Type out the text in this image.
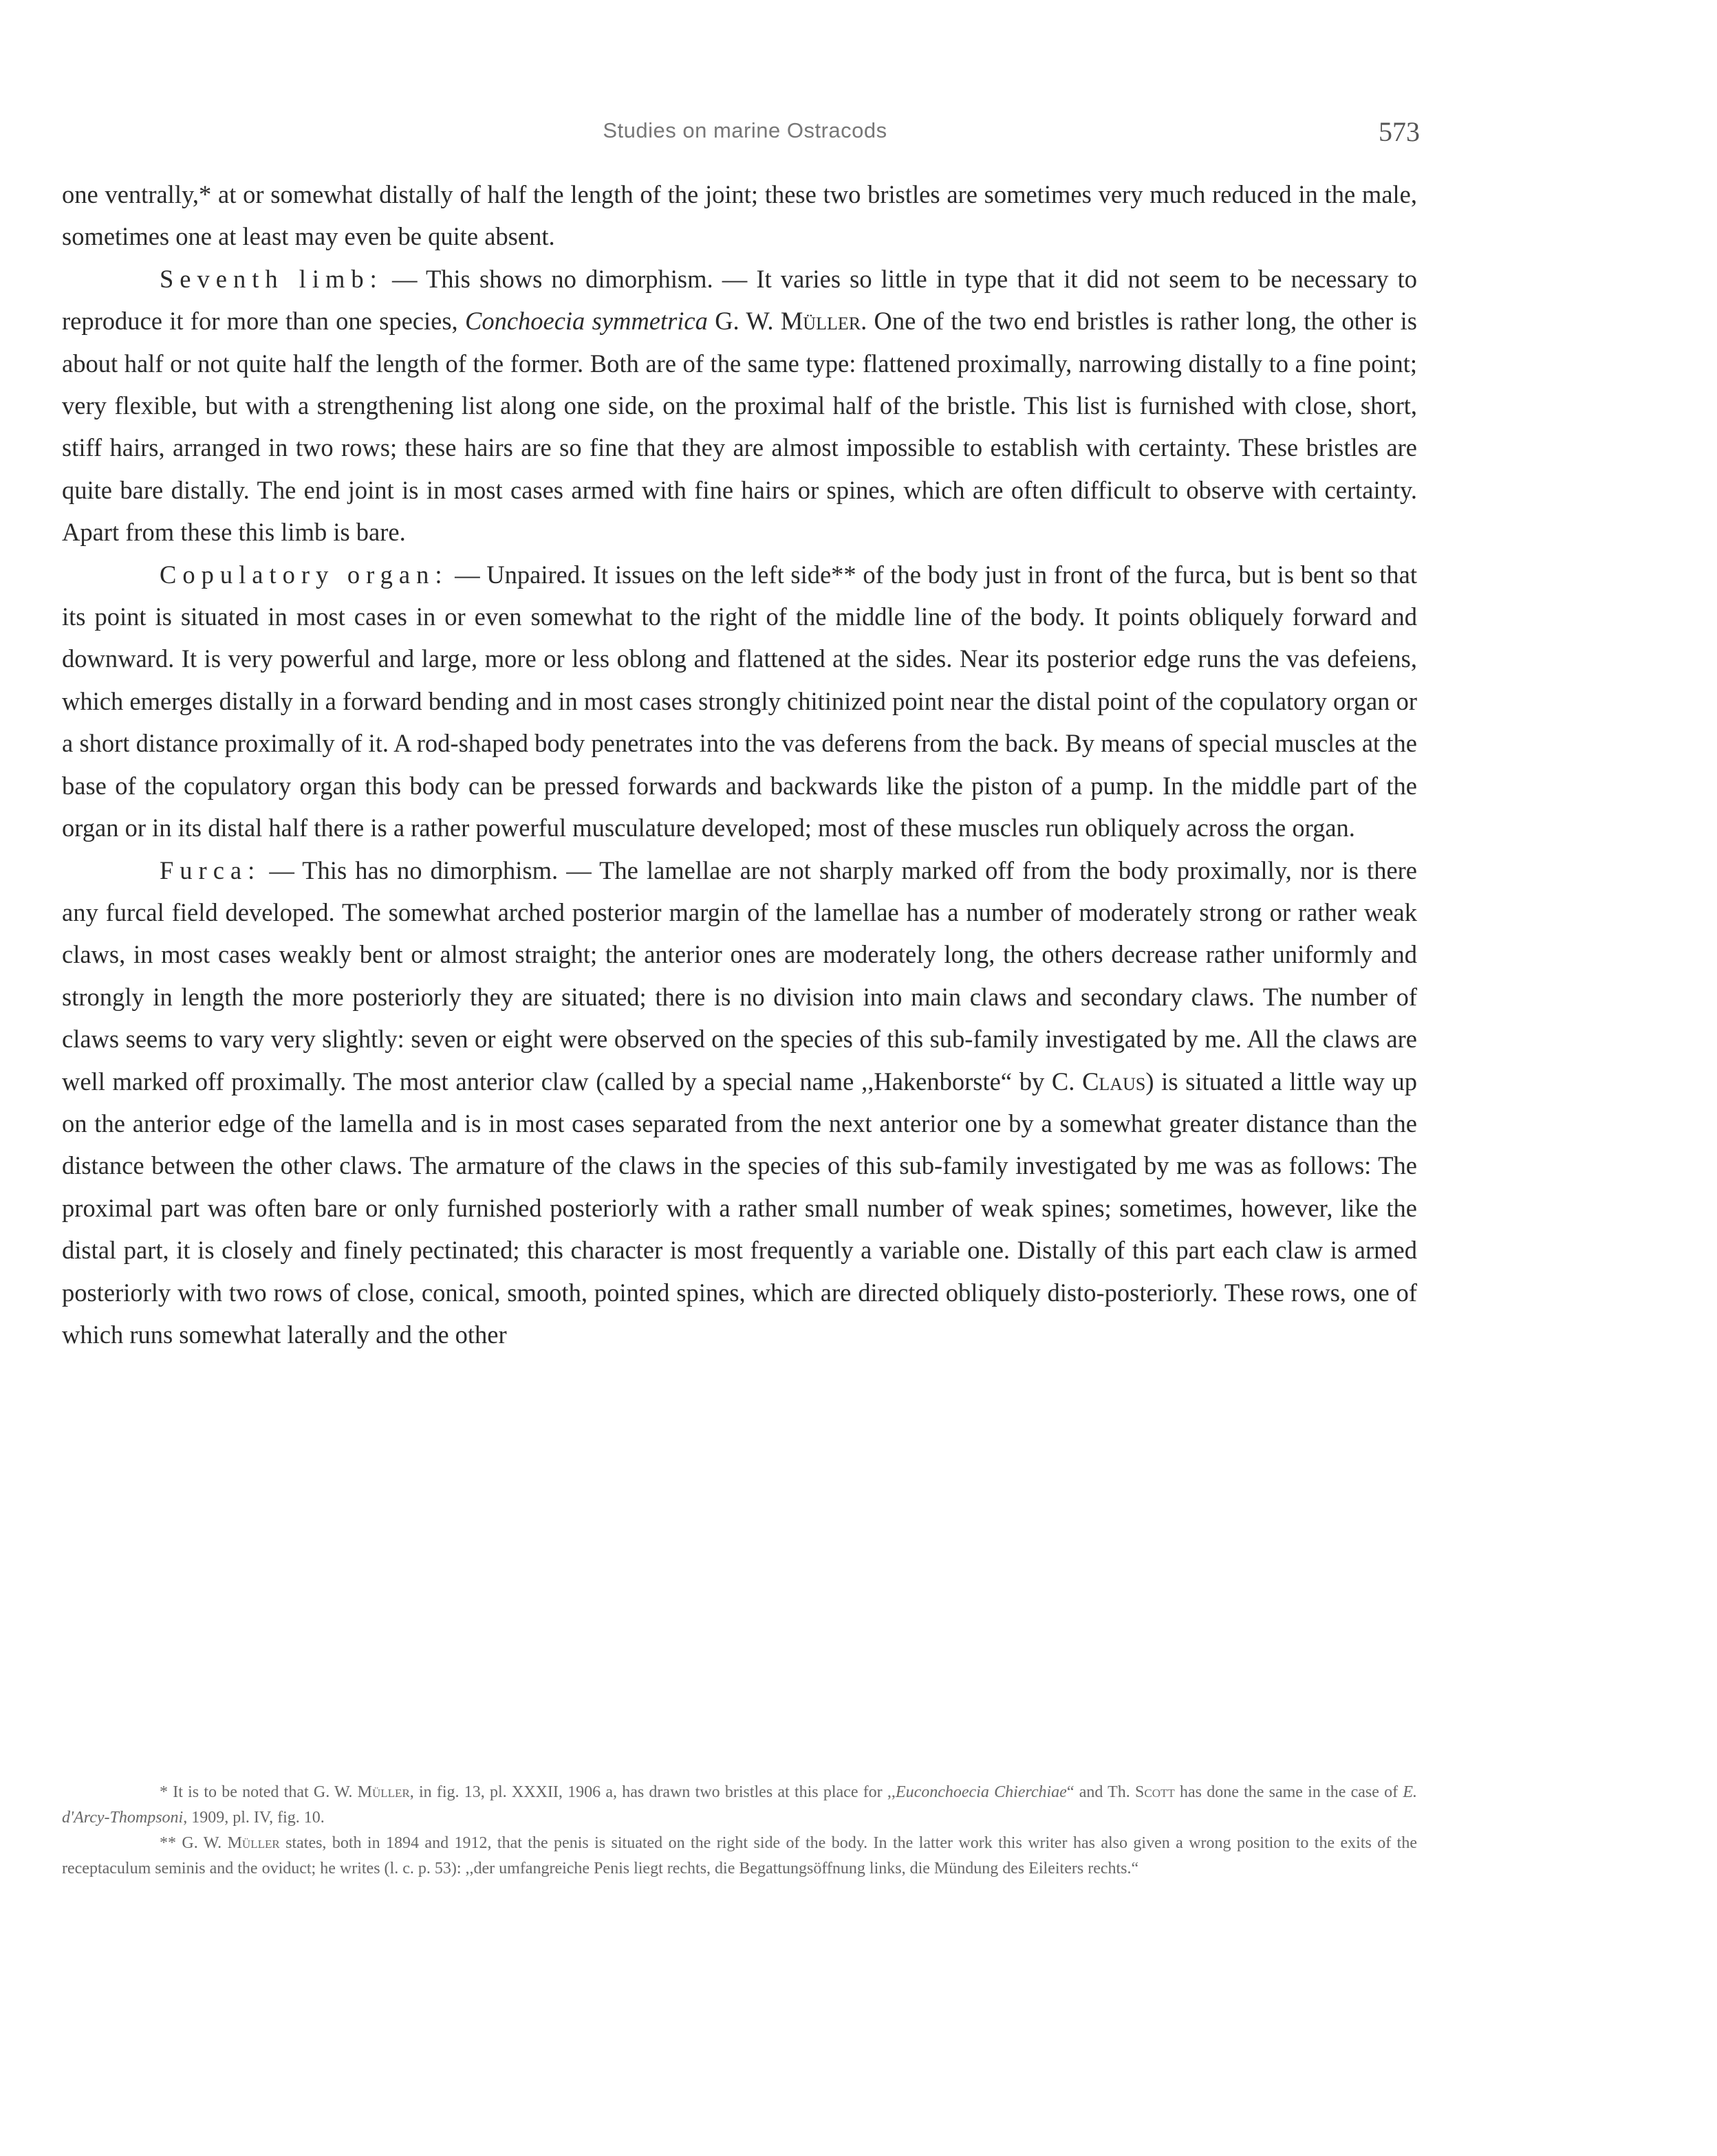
Studies on marine Ostracods	573

one ventrally,* at or somewhat distally of half the length of the joint; these two bristles are sometimes very much reduced in the male, sometimes one at least may even be quite absent.

Seventh limb: — This shows no dimorphism. — It varies so little in type that it did not seem to be necessary to reproduce it for more than one species, Conchoecia symmetrica G. W. Müller. One of the two end bristles is rather long, the other is about half or not quite half the length of the former. Both are of the same type: flattened proximally, narrowing distally to a fine point; very flexible, but with a strengthening list along one side, on the proximal half of the bristle. This list is furnished with close, short, stiff hairs, arranged in two rows; these hairs are so fine that they are almost impossible to establish with certainty. These bristles are quite bare distally. The end joint is in most cases armed with fine hairs or spines, which are often difficult to observe with certainty. Apart from these this limb is bare.

Copulatory organ: — Unpaired. It issues on the left side** of the body just in front of the furca, but is bent so that its point is situated in most cases in or even somewhat to the right of the middle line of the body. It points obliquely forward and downward. It is very powerful and large, more or less oblong and flattened at the sides. Near its posterior edge runs the vas defeiens, which emerges distally in a forward bending and in most cases strongly chitinized point near the distal point of the copulatory organ or a short distance proximally of it. A rod-shaped body penetrates into the vas deferens from the back. By means of special muscles at the base of the copulatory organ this body can be pressed forwards and backwards like the piston of a pump. In the middle part of the organ or in its distal half there is a rather powerful musculature developed; most of these muscles run obliquely across the organ.

Furca: — This has no dimorphism. — The lamellae are not sharply marked off from the body proximally, nor is there any furcal field developed. The somewhat arched posterior margin of the lamellae has a number of moderately strong or rather weak claws, in most cases weakly bent or almost straight; the anterior ones are moderately long, the others decrease rather uniformly and strongly in length the more posteriorly they are situated; there is no division into main claws and secondary claws. The number of claws seems to vary very slightly: seven or eight were observed on the species of this sub-family investigated by me. All the claws are well marked off proximally. The most anterior claw (called by a special name ,,Hakenborste“ by C. Claus) is situated a little way up on the anterior edge of the lamella and is in most cases separated from the next anterior one by a somewhat greater distance than the distance between the other claws. The armature of the claws in the species of this sub-family investigated by me was as follows: The proximal part was often bare or only furnished posteriorly with a rather small number of weak spines; sometimes, however, like the distal part, it is closely and finely pectinated; this character is most frequently a variable one. Distally of this part each claw is armed posteriorly with two rows of close, conical, smooth, pointed spines, which are directed obliquely disto-posteriorly. These rows, one of which runs somewhat laterally and the other

* It is to be noted that G. W. Müller, in fig. 13, pl. XXXII, 1906 a, has drawn two bristles at this place for ,,Euconchoecia Chierchiae“ and Th. Scott has done the same in the case of E. d'Arcy-Thompsoni, 1909, pl. IV, fig. 10.

** G. W. Müller states, both in 1894 and 1912, that the penis is situated on the right side of the body. In the latter work this writer has also given a wrong position to the exits of the receptaculum seminis and the oviduct; he writes (l. c. p. 53): ,,der umfangreiche Penis liegt rechts, die Begattungsöffnung links, die Mündung des Eileiters rechts.“
